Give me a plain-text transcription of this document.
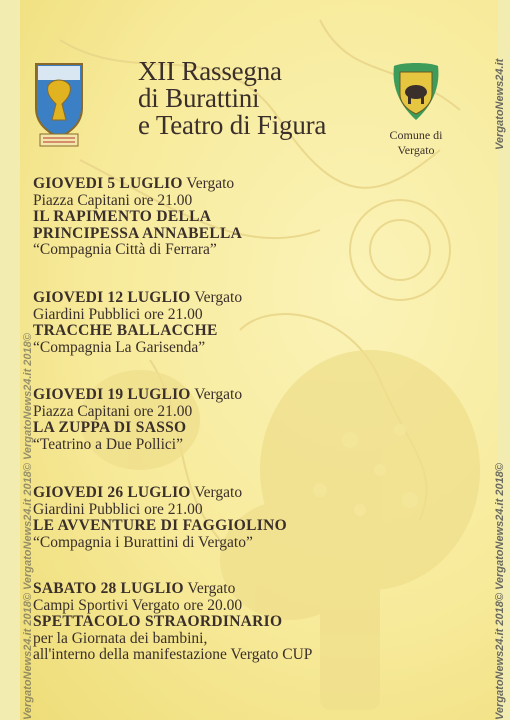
VergatoNews24.it 2018© VergatoNews24.it 2018© VergatoNews24.it 2018©	VergatoNews24.it 2018© VergatoNews24.it 2018©
VergatoNews24.it
Comune di
Vergato
XII Rassegna
di Burattini
e Teatro di Figura
GIOVEDI 5 LUGLIO Vergato
Piazza Capitani ore 21.00
IL RAPIMENTO DELLA
PRINCIPESSA ANNABELLA
“Compagnia Città di Ferrara”
GIOVEDI 12 LUGLIO Vergato
Giardini Pubblici ore 21.00
TRACCHE BALLACCHE
“Compagnia La Garisenda”
GIOVEDI 19 LUGLIO Vergato
Piazza Capitani ore 21.00
LA ZUPPA DI SASSO
“Teatrino a Due Pollici”
GIOVEDI 26 LUGLIO Vergato
Giardini Pubblici ore 21.00
LE AVVENTURE DI FAGGIOLINO
“Compagnia i Burattini di Vergato”
SABATO 28 LUGLIO Vergato
Campi Sportivi Vergato ore 20.00
SPETTACOLO STRAORDINARIO
per la Giornata dei bambini,
all'interno della manifestazione Vergato CUP
